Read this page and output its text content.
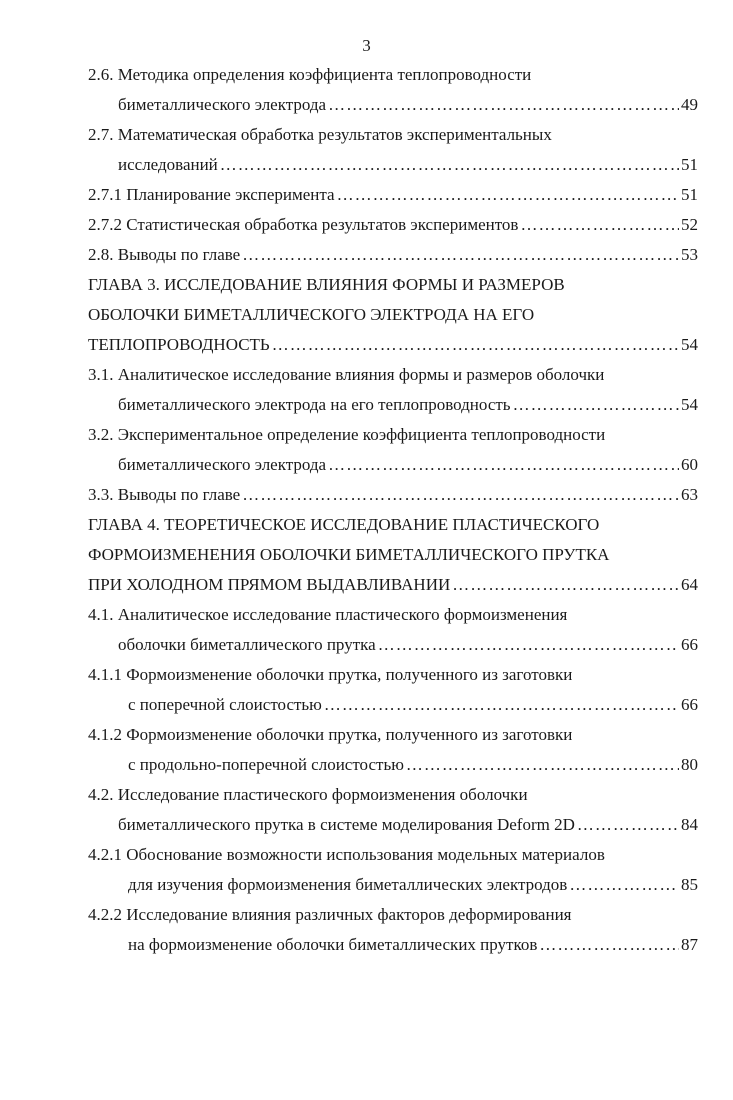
3
2.6. Методика определения коэффициента теплопроводности
биметаллического электрода …………………………………………………………………………………………………………………………………………………………………………………………………………………………	49
2.7. Математическая обработка результатов экспериментальных
исследований …………………………………………………………………………………………………………………………………………………………………………………………………………………………	51
2.7.1 Планирование эксперимента …………………………………………………………………………………………………………………………………………………………………………………………………………………………	51
2.7.2 Статистическая обработка результатов экспериментов …………………………………………………………………………………………………………………………………………………………………………………………………………………………	52
2.8. Выводы по главе …………………………………………………………………………………………………………………………………………………………………………………………………………………………	53
ГЛАВА 3. ИССЛЕДОВАНИЕ ВЛИЯНИЯ ФОРМЫ И РАЗМЕРОВ
ОБОЛОЧКИ БИМЕТАЛЛИЧЕСКОГО ЭЛЕКТРОДА НА ЕГО
ТЕПЛОПРОВОДНОСТЬ …………………………………………………………………………………………………………………………………………………………………………………………………………………………	54
3.1. Аналитическое исследование влияния формы и размеров оболочки
биметаллического электрода на его теплопроводность …………………………………………………………………………………………………………………………………………………………………………………………………………………………	54
3.2. Экспериментальное определение коэффициента теплопроводности
биметаллического электрода …………………………………………………………………………………………………………………………………………………………………………………………………………………………	60
3.3. Выводы по главе …………………………………………………………………………………………………………………………………………………………………………………………………………………………	63
ГЛАВА 4. ТЕОРЕТИЧЕСКОЕ ИССЛЕДОВАНИЕ ПЛАСТИЧЕСКОГО
ФОРМОИЗМЕНЕНИЯ ОБОЛОЧКИ БИМЕТАЛЛИЧЕСКОГО ПРУТКА
ПРИ ХОЛОДНОМ ПРЯМОМ ВЫДАВЛИВАНИИ …………………………………………………………………………………………………………………………………………………………………………………………………………………………	64
4.1. Аналитическое исследование пластического формоизменения
оболочки биметаллического прутка …………………………………………………………………………………………………………………………………………………………………………………………………………………………	66
4.1.1 Формоизменение оболочки прутка, полученного из заготовки
с поперечной слоистостью …………………………………………………………………………………………………………………………………………………………………………………………………………………………	66
4.1.2 Формоизменение оболочки прутка, полученного из заготовки
с продольно-поперечной слоистостью …………………………………………………………………………………………………………………………………………………………………………………………………………………………	80
4.2. Исследование пластического формоизменения оболочки
биметаллического прутка в системе моделирования Deform 2D …………………………………………………………………………………………………………………………………………………………………………………………………………………………	84
4.2.1 Обоснование возможности использования модельных материалов
для изучения формоизменения биметаллических электродов …………………………………………………………………………………………………………………………………………………………………………………………………………………………	85
4.2.2 Исследование влияния различных факторов деформирования
на формоизменение оболочки биметаллических прутков …………………………………………………………………………………………………………………………………………………………………………………………………………………………	87
